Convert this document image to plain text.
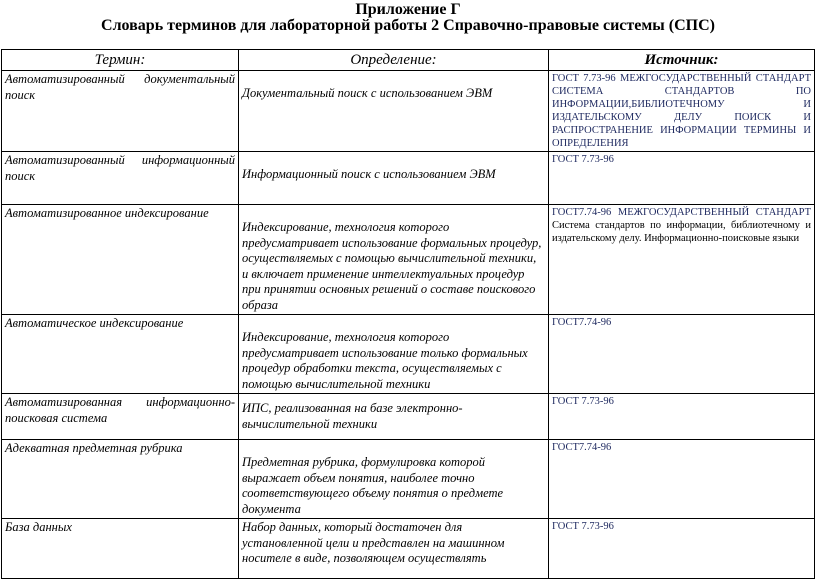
Приложение Г
Словарь терминов для лабораторной работы 2 Справочно-правовые системы (СПС)
Термин:	Определение:	Источник:
Автоматизированный документальный поиск	Документальный поиск с использованием ЭВМ	ГОСТ 7.73-96 МЕЖГОСУДАРСТВЕННЫЙ СТАНДАРТ СИСТЕМА СТАНДАРТОВ ПО ИНФОРМАЦИИ,БИБЛИОТЕЧНОМУ И ИЗДАТЕЛЬСКОМУ ДЕЛУ ПОИСК И РАСПРОСТРАНЕНИЕ ИНФОРМАЦИИ ТЕРМИНЫ И ОПРЕДЕЛЕНИЯ
Автоматизированный информационный поиск	Информационный поиск с использованием ЭВМ	ГОСТ 7.73-96
Автоматизированное индексирование	Индексирование, технология которого предусматривает использование формальных процедур, осуществляемых с помощью вычислительной техники, и включает применение интеллектуальных процедур при принятии основных решений о составе поискового образа	ГОСТ7.74-96 МЕЖГОСУДАРСТВЕННЫЙ СТАНДАРТ Система стандартов по информации, библиотечному и издательскому делу. Информационно-поисковые языки
Автоматическое индексирование	Индексирование, технология которого предусматривает использование только формальных процедур обработки текста, осуществляемых с помощью вычислительной техники	ГОСТ7.74-96
Автоматизированная информационно-поисковая система	ИПС, реализованная на базе электронно-вычислительной техники	ГОСТ 7.73-96
Адекватная предметная рубрика	Предметная рубрика, формулировка которой выражает объем понятия, наиболее точно соответствующего объему понятия о предмете документа	ГОСТ7.74-96
База данных	Набор данных, который достаточен для установленной цели и представлен на машинном носителе в виде, позволяющем осуществлять	ГОСТ 7.73-96
